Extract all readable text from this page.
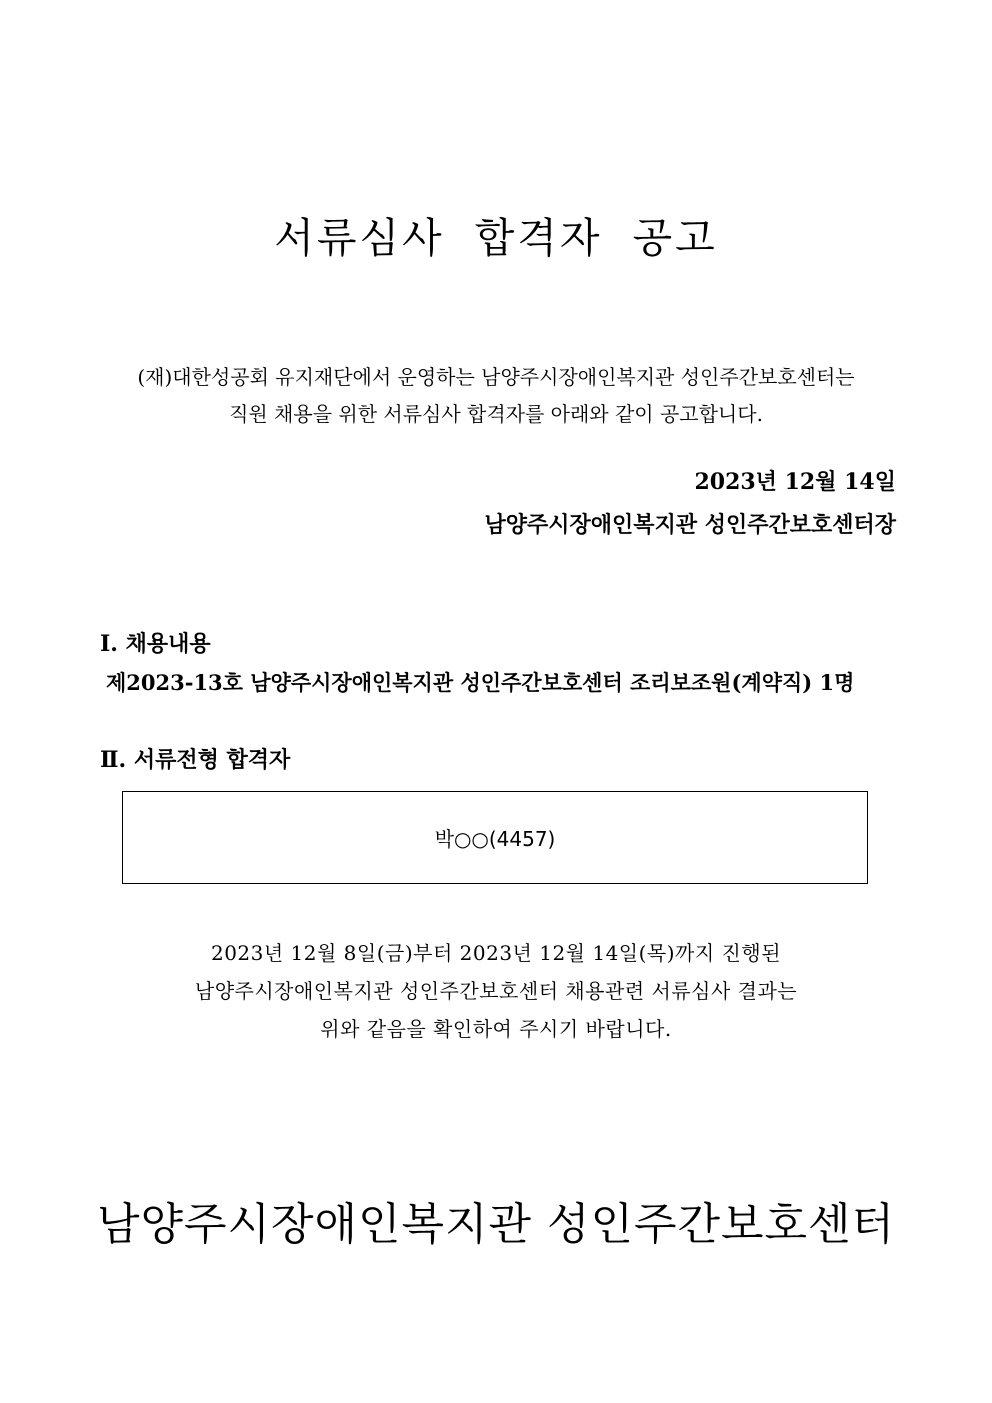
서류심사 합격자 공고
(재)대한성공회 유지재단에서 운영하는 남양주시장애인복지관 성인주간보호센터는
직원 채용을 위한 서류심사 합격자를 아래와 같이 공고합니다.
2023년 12월 14일
남양주시장애인복지관 성인주간보호센터장
Ⅰ. 채용내용
제2023-13호 남양주시장애인복지관 성인주간보호센터 조리보조원(계약직) 1명
Ⅱ. 서류전형 합격자
박○○(4457)
2023년 12월 8일(금)부터 2023년 12월 14일(목)까지 진행된
남양주시장애인복지관 성인주간보호센터 채용관련 서류심사 결과는
위와 같음을 확인하여 주시기 바랍니다.
남양주시장애인복지관 성인주간보호센터
